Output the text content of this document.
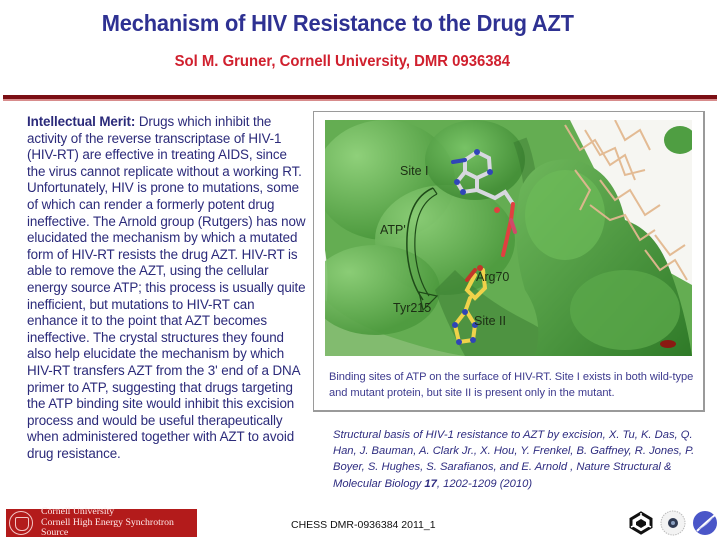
Mechanism of HIV Resistance to the Drug AZT
Sol M. Gruner, Cornell University, DMR 0936384
Intellectual Merit: Drugs which inhibit the activity of the reverse transcriptase of HIV-1 (HIV-RT) are effective in treating AIDS, since the virus cannot replicate without a working RT. Unfortunately, HIV is prone to mutations, some of which can render a formerly potent drug ineffective. The Arnold group (Rutgers) has now elucidated the mechanism by which a mutated form of HIV-RT resists the drug AZT. HIV-RT is able to remove the AZT, using the cellular energy source ATP; this process is usually quite inefficient, but mutations to HIV-RT can enhance it to the point that AZT becomes ineffective. The crystal structures they found also help elucidate the mechanism by which HIV-RT transfers AZT from the 3' end of a DNA primer to ATP, suggesting that drugs targeting the ATP binding site would inhibit this excision process and would be useful therapeutically when administered together with AZT to avoid drug resistance.
Site I
ATP'
Arg70
Tyr215
Site II
Binding sites of ATP on the surface of HIV-RT. Site I exists in both wild-type and mutant protein, but site II is present only in the mutant.
Structural basis of HIV-1 resistance to AZT by excision, X. Tu, K. Das, Q. Han, J. Bauman, A. Clark Jr., X. Hou, Y. Frenkel, B. Gaffney, R. Jones, P. Boyer, S. Hughes, S. Sarafianos, and E. Arnold , Nature Structural & Molecular Biology 17, 1202-1209 (2010)
Cornell University
Cornell High Energy Synchrotron Source
CHESS DMR-0936384 2011_1
